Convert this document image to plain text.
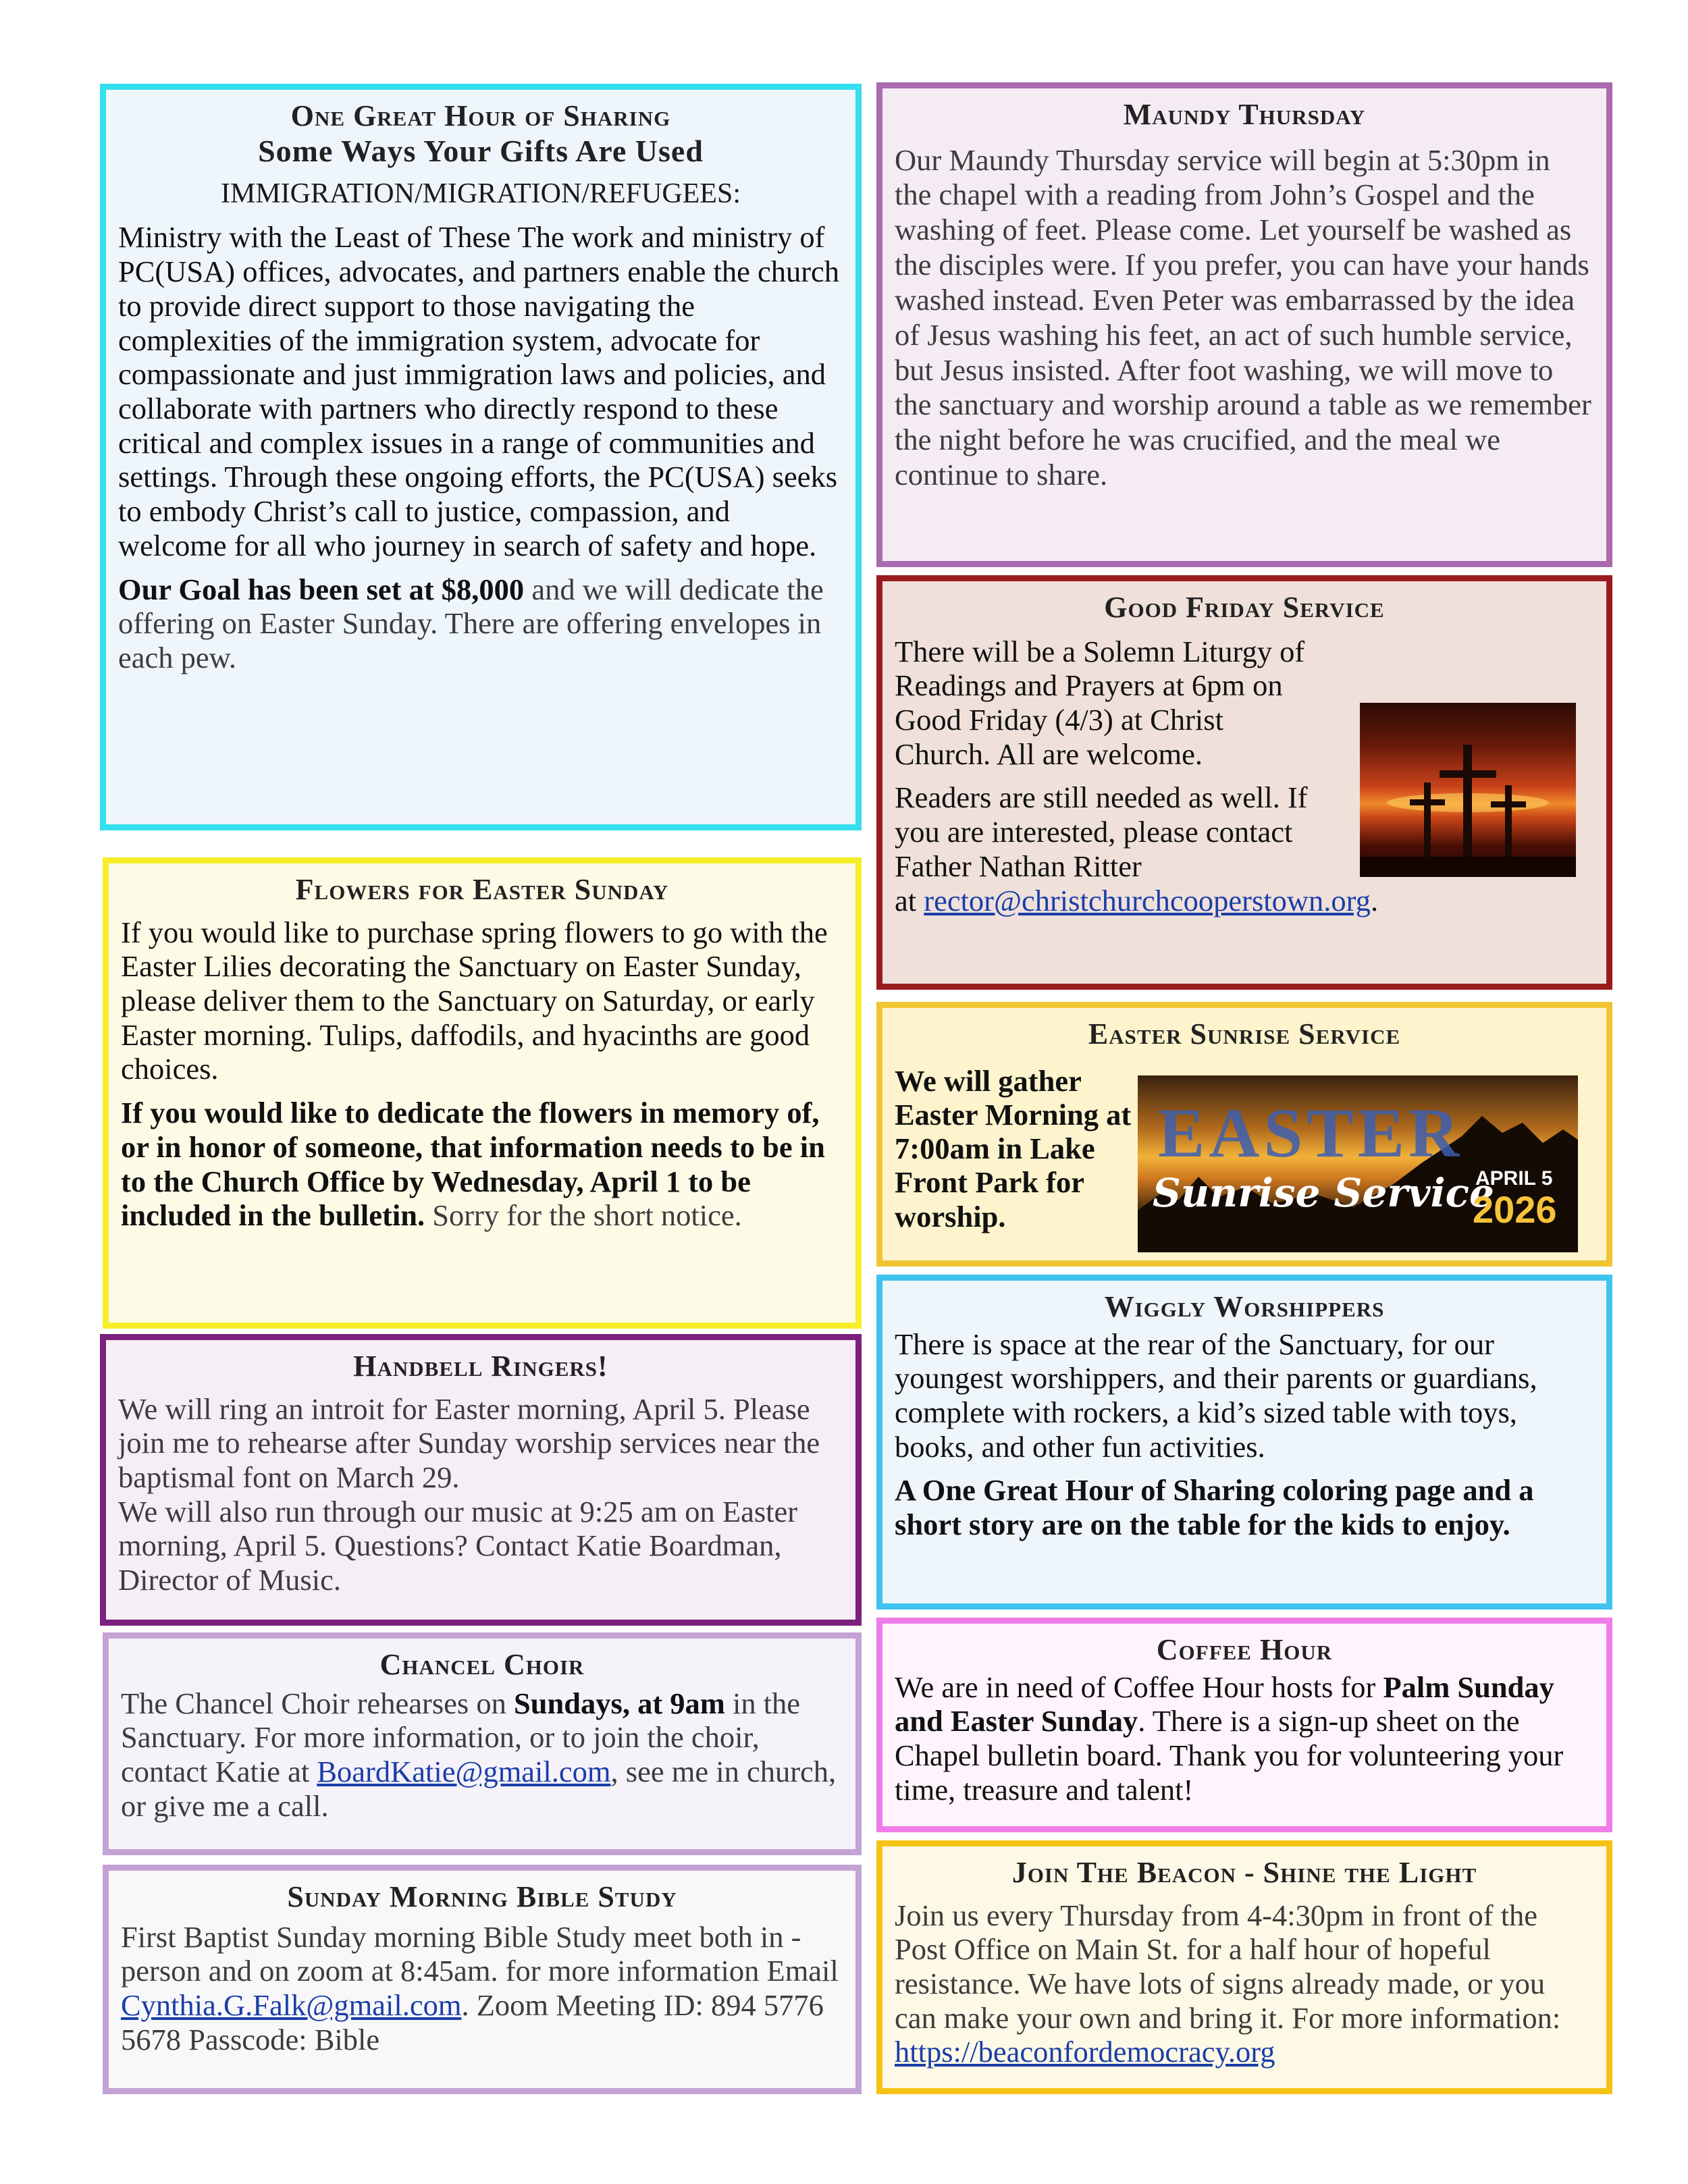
One Great Hour of Sharing
Some Ways Your Gifts Are Used

IMMIGRATION/MIGRATION/REFUGEES:

Ministry with the Least of These The work and ministry of PC(USA) offices, advocates, and partners enable the church to provide direct support to those navigating the complexities of the immigration system, advocate for compassionate and just immigration laws and policies, and collaborate with partners who directly respond to these critical and complex issues in a range of communities and settings. Through these ongoing efforts, the PC(USA) seeks to embody Christ’s call to justice, compassion, and welcome for all who journey in search of safety and hope.

Our Goal has been set at $8,000 and we will dedicate the offering on Easter Sunday. There are offering envelopes in each pew.

Maundy Thursday

Our Maundy Thursday service will begin at 5:30pm in the chapel with a reading from John’s Gospel and the washing of feet. Please come. Let yourself be washed as the disciples were. If you prefer, you can have your hands washed instead. Even Peter was embarrassed by the idea of Jesus washing his feet, an act of such humble service, but Jesus insisted. After foot washing, we will move to the sanctuary and worship around a table as we remember the night before he was crucified, and the meal we continue to share.

Good Friday Service

There will be a Solemn Liturgy of Readings and Prayers at 6pm on Good Friday (4/3) at Christ Church. All are welcome.

Readers are still needed as well. If you are interested, please contact Father Nathan Ritter
at rector@christchurchcooperstown.org.

Flowers for Easter Sunday

If you would like to purchase spring flowers to go with the Easter Lilies decorating the Sanctuary on Easter Sunday, please deliver them to the Sanctuary on Saturday, or early Easter morning. Tulips, daffodils, and hyacinths are good choices.

If you would like to dedicate the flowers in memory of, or in honor of someone, that information needs to be in to the Church Office by Wednesday, April 1 to be included in the bulletin. Sorry for the short notice.

Easter Sunrise Service

We will gather Easter Morning at 7:00am in Lake Front Park for worship.

EASTER
Sunrise Service
APRIL 5
2026
Handbell Ringers!

We will ring an introit for Easter morning, April 5. Please join me to rehearse after Sunday worship services near the baptismal font on March 29.
We will also run through our music at 9:25 am on Easter morning, April 5. Questions? Contact Katie Boardman, Director of Music.

Wiggly Worshippers

There is space at the rear of the Sanctuary, for our youngest worshippers, and their parents or guardians, complete with rockers, a kid’s sized table with toys, books, and other fun activities.

A One Great Hour of Sharing coloring page and a short story are on the table for the kids to enjoy.

Chancel Choir

The Chancel Choir rehearses on Sundays, at 9am in the Sanctuary. For more information, or to join the choir, contact Katie at BoardKatie@gmail.com, see me in church, or give me a call.

Coffee Hour

We are in need of Coffee Hour hosts for Palm Sunday and Easter Sunday. There is a sign-up sheet on the Chapel bulletin board. Thank you for volunteering your time, treasure and talent!

Sunday Morning Bible Study

First Baptist Sunday morning Bible Study meet both in -person and on zoom at 8:45am. for more information Email Cynthia.G.Falk@gmail.com. Zoom Meeting ID: 894 5776 5678 Passcode: Bible

Join The Beacon - Shine the Light

Join us every Thursday from 4-4:30pm in front of the Post Office on Main St. for a half hour of hopeful resistance. We have lots of signs already made, or you can make your own and bring it. For more information: https://beaconfordemocracy.org
